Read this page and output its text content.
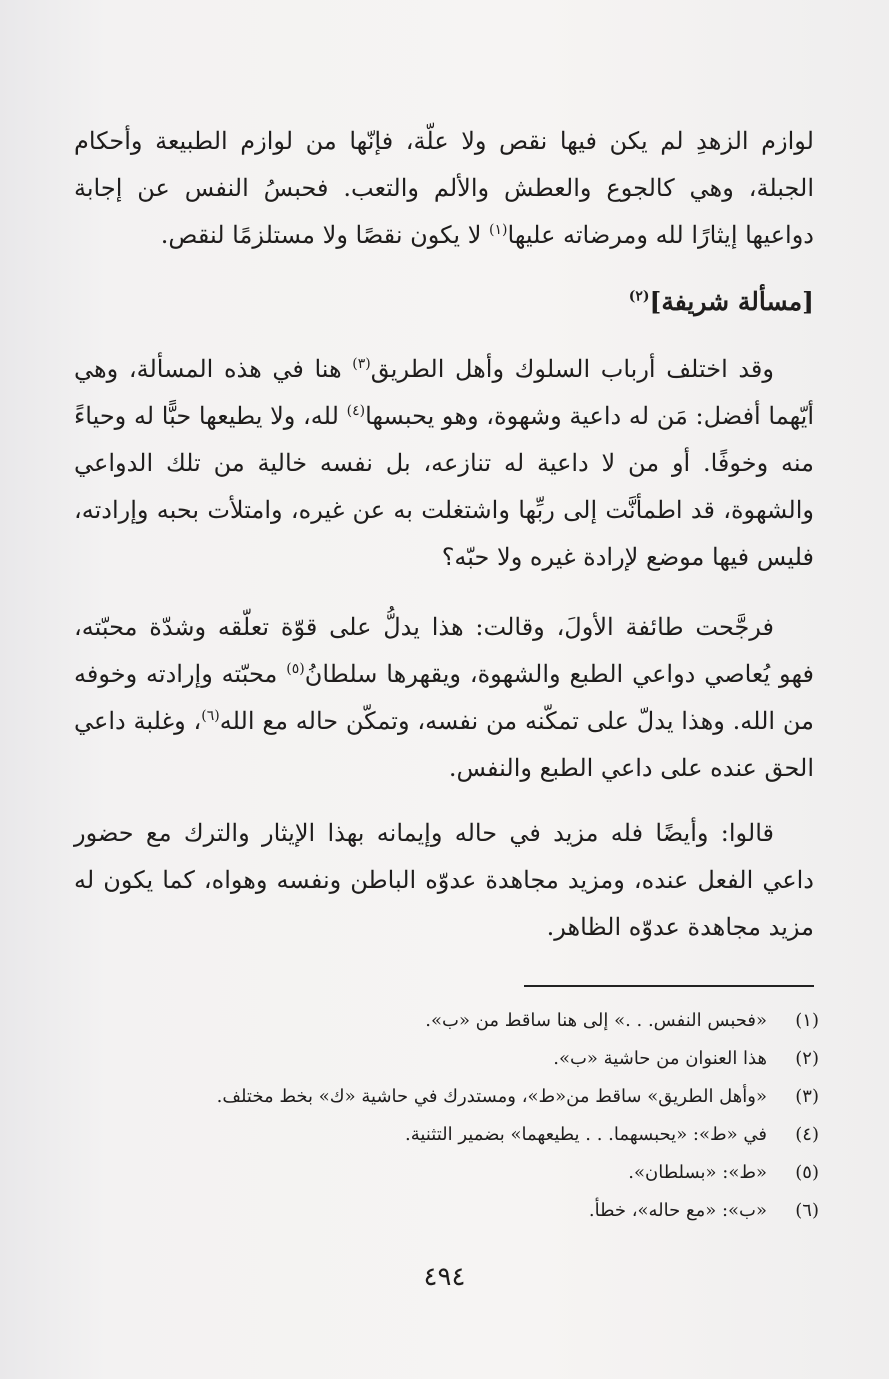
لوازم الزهدِ لم يكن فيها نقص ولا علّة، فإنّها من لوازم الطبيعة وأحكام الجبلة، وهي كالجوع والعطش والألم والتعب. فحبسُ النفس عن إجابة دواعيها إيثارًا لله ومرضاته عليها$^{(١)}$ لا يكون نقصًا ولا مستلزمًا لنقص.
[مسألة شريفة]$^{(٢)}$
وقد اختلف أرباب السلوك وأهل الطريق$^{(٣)}$ هنا في هذه المسألة، وهي أيّهما أفضل: مَن له داعية وشهوة، وهو يحبسها$^{(٤)}$ لله، ولا يطيعها حبًّا له وحياءً منه وخوفًا. أو من لا داعية له تنازعه، بل نفسه خالية من تلك الدواعي والشهوة، قد اطمأنَّت إلى ربِّها واشتغلت به عن غيره، وامتلأت بحبه وإرادته، فليس فيها موضع لإرادة غيره ولا حبّه؟
فرجَّحت طائفة الأولَ، وقالت: هذا يدلُّ على قوّة تعلّقه وشدّة محبّته، فهو يُعاصي دواعي الطبع والشهوة، ويقهرها سلطانُ$^{(٥)}$ محبّته وإرادته وخوفه من الله. وهذا يدلّ على تمكّنه من نفسه، وتمكّن حاله مع الله$^{(٦)}$، وغلبة داعي الحق عنده على داعي الطبع والنفس.
قالوا: وأيضًا فله مزيد في حاله وإيمانه بهذا الإيثار والترك مع حضور داعي الفعل عنده، ومزيد مجاهدة عدوّه الباطن ونفسه وهواه، كما يكون له مزيد مجاهدة عدوّه الظاهر.
(١)
«فحبس النفس. . .» إلى هنا ساقط من «ب».
(٢)
هذا العنوان من حاشية «ب».
(٣)
«وأهل الطريق» ساقط من«ط»، ومستدرك في حاشية «ك» بخط مختلف.
(٤)
في «ط»: «يحبسهما. . . يطيعهما» بضمير التثنية.
(٥)
«ط»: «بسلطان».
(٦)
«ب»: «مع حاله»، خطأ.
٤٩٤
